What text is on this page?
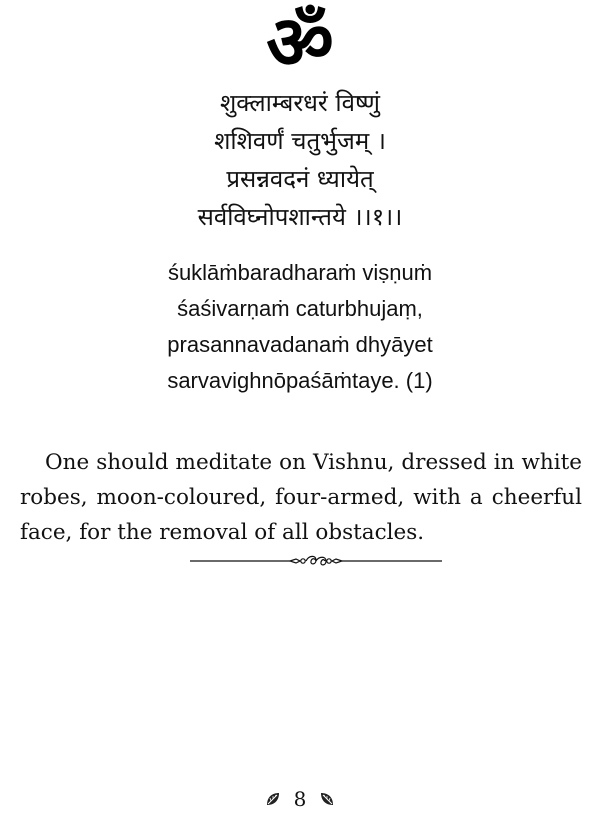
ॐ
शुक्लाम्बरधरं विष्णुं
शशिवर्णं चतुर्भुजम् ।
प्रसन्नवदनं ध्यायेत्
सर्वविघ्नोपशान्तये ।।१।।
śuklāṁbaradharaṁ viṣṇuṁ
śaśivarṇaṁ caturbhujaṃ,
prasannavadanaṁ dhyāyet
sarvavighnōpaśāṁtaye. (1)

One should meditate on Vishnu, dressed in white robes, moon-coloured, four-armed, with a cheerful face, for the removal of all obstacles.

8
